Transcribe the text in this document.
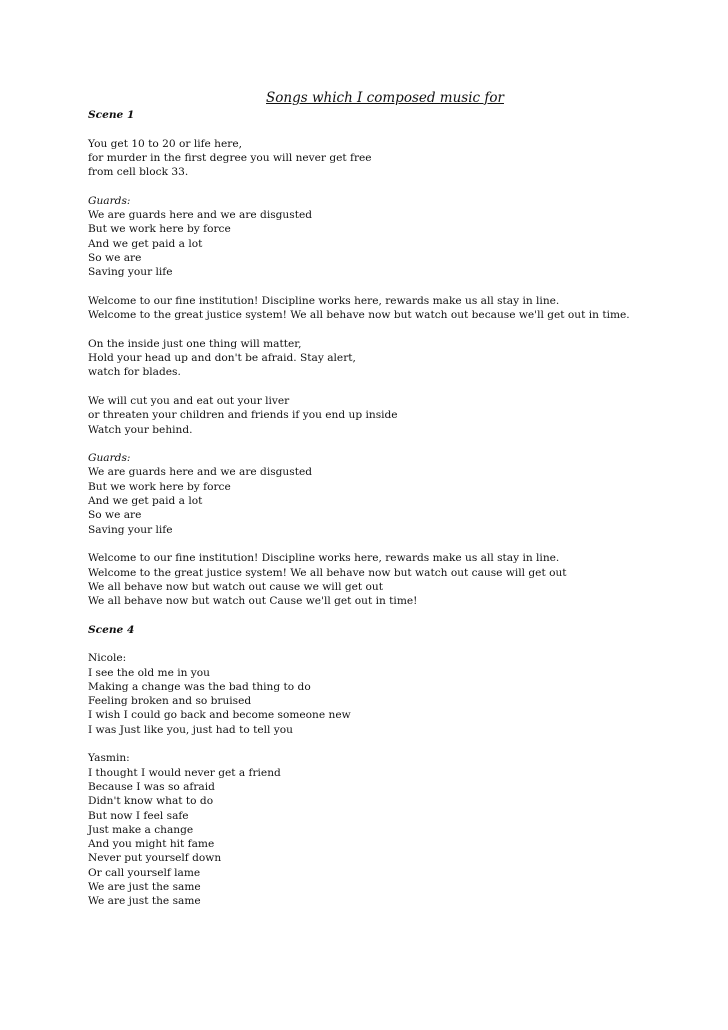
Songs which I composed music for
Scene 1
You get 10 to 20 or life here,
for murder in the first degree you will never get free
from cell block 33.
Guards:
We are guards here and we are disgusted
But we work here by force
And we get paid a lot
So we are
Saving your life
Welcome to our fine institution! Discipline works here, rewards make us all stay in line.
Welcome to the great justice system! We all behave now but watch out because we'll get out in time.
On the inside just one thing will matter,
Hold your head up and don't be afraid. Stay alert,
watch for blades.
We will cut you and eat out your liver
or threaten your children and friends if you end up inside
Watch your behind.
Guards:
We are guards here and we are disgusted
But we work here by force
And we get paid a lot
So we are
Saving your life
Welcome to our fine institution! Discipline works here, rewards make us all stay in line.
Welcome to the great justice system! We all behave now but watch out cause will get out
We all behave now but watch out cause we will get out
We all behave now but watch out Cause we'll get out in time!
Scene 4
Nicole:
I see the old me in you
Making a change was the bad thing to do
Feeling broken and so bruised
I wish I could go back and become someone new
I was Just like you, just had to tell you
Yasmin:
I thought I would never get a friend
Because I was so afraid
Didn't know what to do
But now I feel safe
Just make a change
And you might hit fame
Never put yourself down
Or call yourself lame
We are just the same
We are just the same
